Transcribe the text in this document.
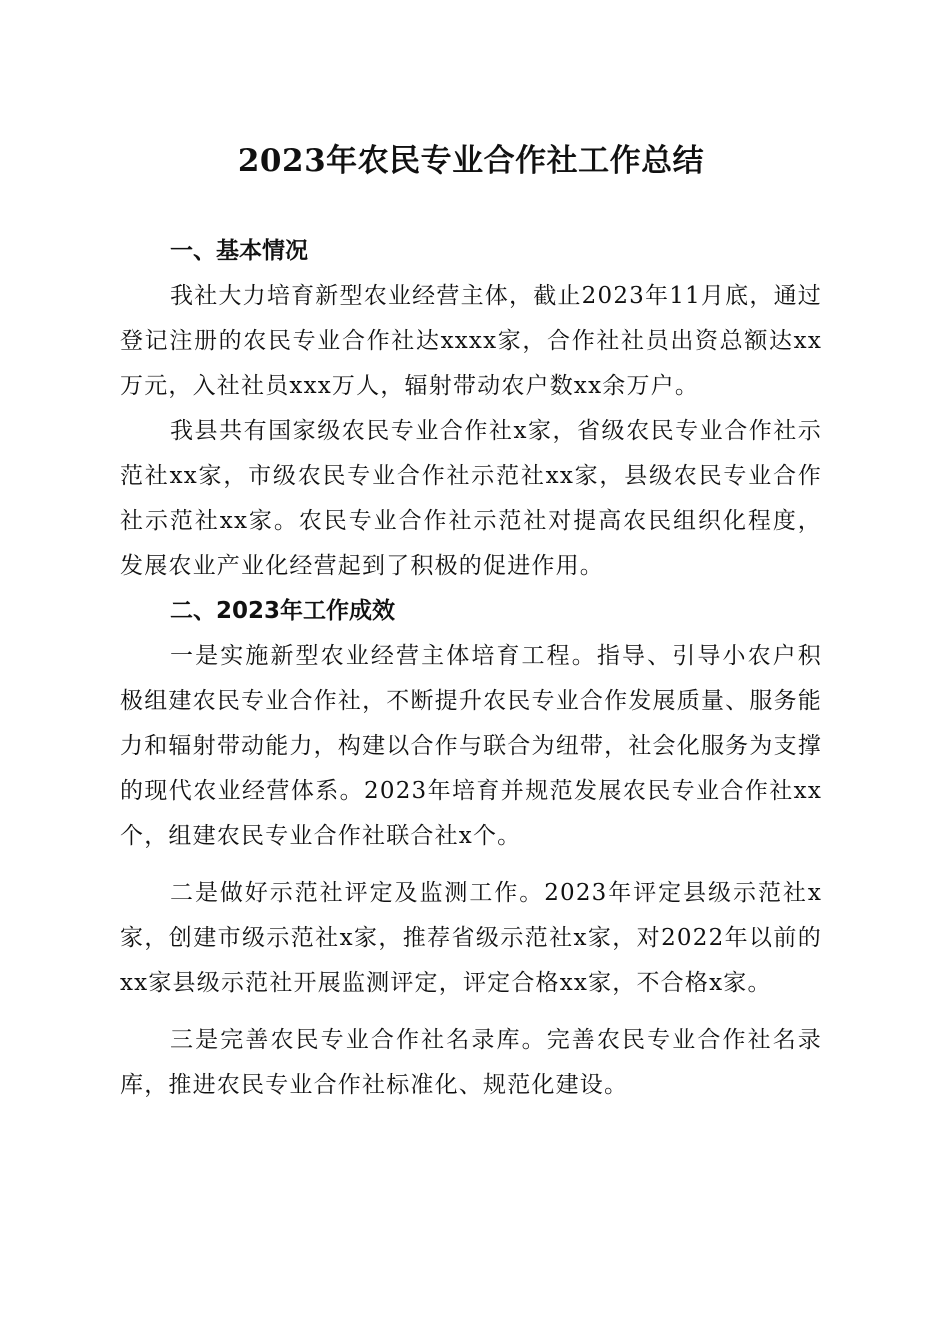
2023年农民专业合作社工作总结
一、基本情况

我社大力培育新型农业经营主体，截止2023年11月底，通过登记注册的农民专业合作社达xxxx家，合作社社员出资总额达xx万元，入社社员xxx万人，辐射带动农户数xx余万户。

我县共有国家级农民专业合作社x家，省级农民专业合作社示范社xx家，市级农民专业合作社示范社xx家，县级农民专业合作社示范社xx家。农民专业合作社示范社对提高农民组织化程度，发展农业产业化经营起到了积极的促进作用。

二、2023年工作成效

一是实施新型农业经营主体培育工程。指导、引导小农户积极组建农民专业合作社，不断提升农民专业合作发展质量、服务能力和辐射带动能力，构建以合作与联合为纽带，社会化服务为支撑的现代农业经营体系。2023年培育并规范发展农民专业合作社xx个，组建农民专业合作社联合社x个。

二是做好示范社评定及监测工作。2023年评定县级示范社x家，创建市级示范社x家，推荐省级示范社x家，对2022年以前的xx家县级示范社开展监测评定，评定合格xx家，不合格x家。

三是完善农民专业合作社名录库。完善农民专业合作社名录库，推进农民专业合作社标准化、规范化建设。
